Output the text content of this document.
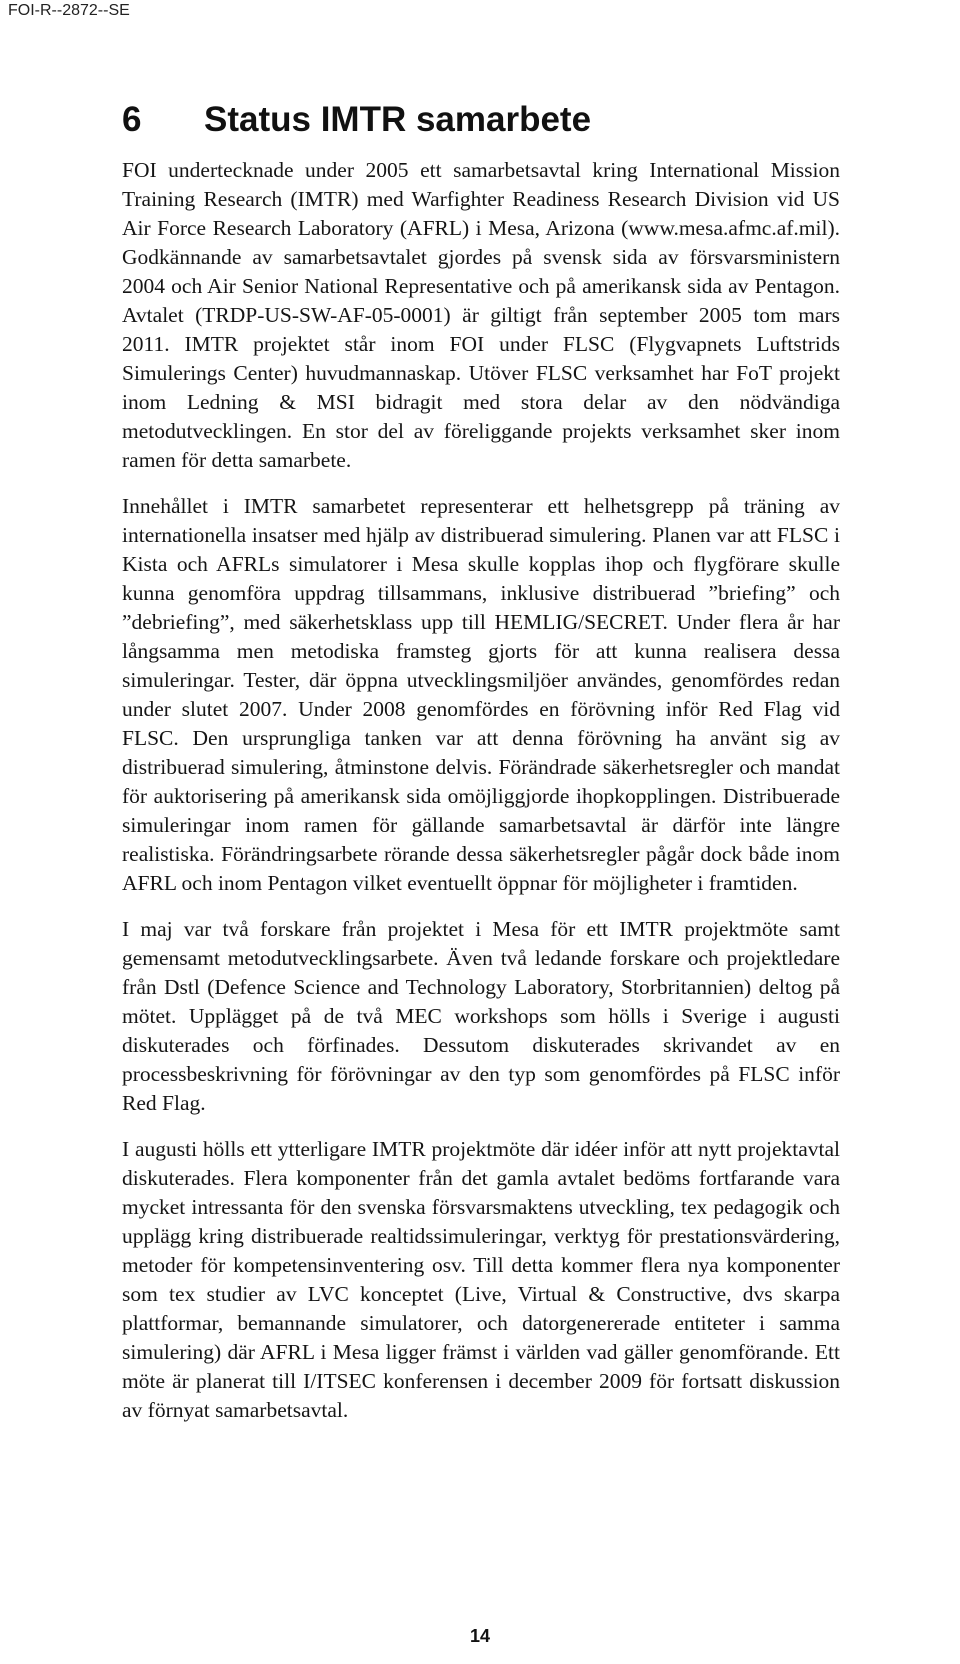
FOI-R--2872--SE

6 Status IMTR samarbete

FOI undertecknade under 2005 ett samarbetsavtal kring International Mission Training Research (IMTR) med Warfighter Readiness Research Division vid US Air Force Research Laboratory (AFRL) i Mesa, Arizona (www.mesa.afmc.af.mil). Godkännande av samarbetsavtalet gjordes på svensk sida av försvarsministern 2004 och Air Senior National Representative och på amerikansk sida av Pentagon. Avtalet (TRDP-US-SW-AF-05-0001) är giltigt från september 2005 tom mars 2011. IMTR projektet står inom FOI under FLSC (Flygvapnets Luftstrids Simulerings Center) huvudmannaskap. Utöver FLSC verksamhet har FoT projekt inom Ledning & MSI bidragit med stora delar av den nödvändiga metodutvecklingen. En stor del av föreliggande projekts verksamhet sker inom ramen för detta samarbete.

Innehållet i IMTR samarbetet representerar ett helhetsgrepp på träning av internationella insatser med hjälp av distribuerad simulering. Planen var att FLSC i Kista och AFRLs simulatorer i Mesa skulle kopplas ihop och flygförare skulle kunna genomföra uppdrag tillsammans, inklusive distribuerad ”briefing” och ”debriefing”, med säkerhetsklass upp till HEMLIG/SECRET. Under flera år har långsamma men metodiska framsteg gjorts för att kunna realisera dessa simuleringar. Tester, där öppna utvecklingsmiljöer användes, genomfördes redan under slutet 2007. Under 2008 genomfördes en förövning inför Red Flag vid FLSC. Den ursprungliga tanken var att denna förövning ha använt sig av distribuerad simulering, åtminstone delvis. Förändrade säkerhetsregler och mandat för auktorisering på amerikansk sida omöjliggjorde ihopkopplingen. Distribuerade simuleringar inom ramen för gällande samarbetsavtal är därför inte längre realistiska. Förändringsarbete rörande dessa säkerhetsregler pågår dock både inom AFRL och inom Pentagon vilket eventuellt öppnar för möjligheter i framtiden.

I maj var två forskare från projektet i Mesa för ett IMTR projektmöte samt gemensamt metodutvecklingsarbete. Även två ledande forskare och projektledare från Dstl (Defence Science and Technology Laboratory, Storbritannien) deltog på mötet. Upplägget på de två MEC workshops som hölls i Sverige i augusti diskuterades och förfinades. Dessutom diskuterades skrivandet av en processbeskrivning för förövningar av den typ som genomfördes på FLSC inför Red Flag.

I augusti hölls ett ytterligare IMTR projektmöte där idéer inför att nytt projektavtal diskuterades. Flera komponenter från det gamla avtalet bedöms fortfarande vara mycket intressanta för den svenska försvarsmaktens utveckling, tex pedagogik och upplägg kring distribuerade realtidssimuleringar, verktyg för prestationsvärdering, metoder för kompetensinventering osv. Till detta kommer flera nya komponenter som tex studier av LVC konceptet (Live, Virtual & Constructive, dvs skarpa plattformar, bemannande simulatorer, och datorgenererade entiteter i samma simulering) där AFRL i Mesa ligger främst i världen vad gäller genomförande. Ett möte är planerat till I/ITSEC konferensen i december 2009 för fortsatt diskussion av förnyat samarbetsavtal.

14
